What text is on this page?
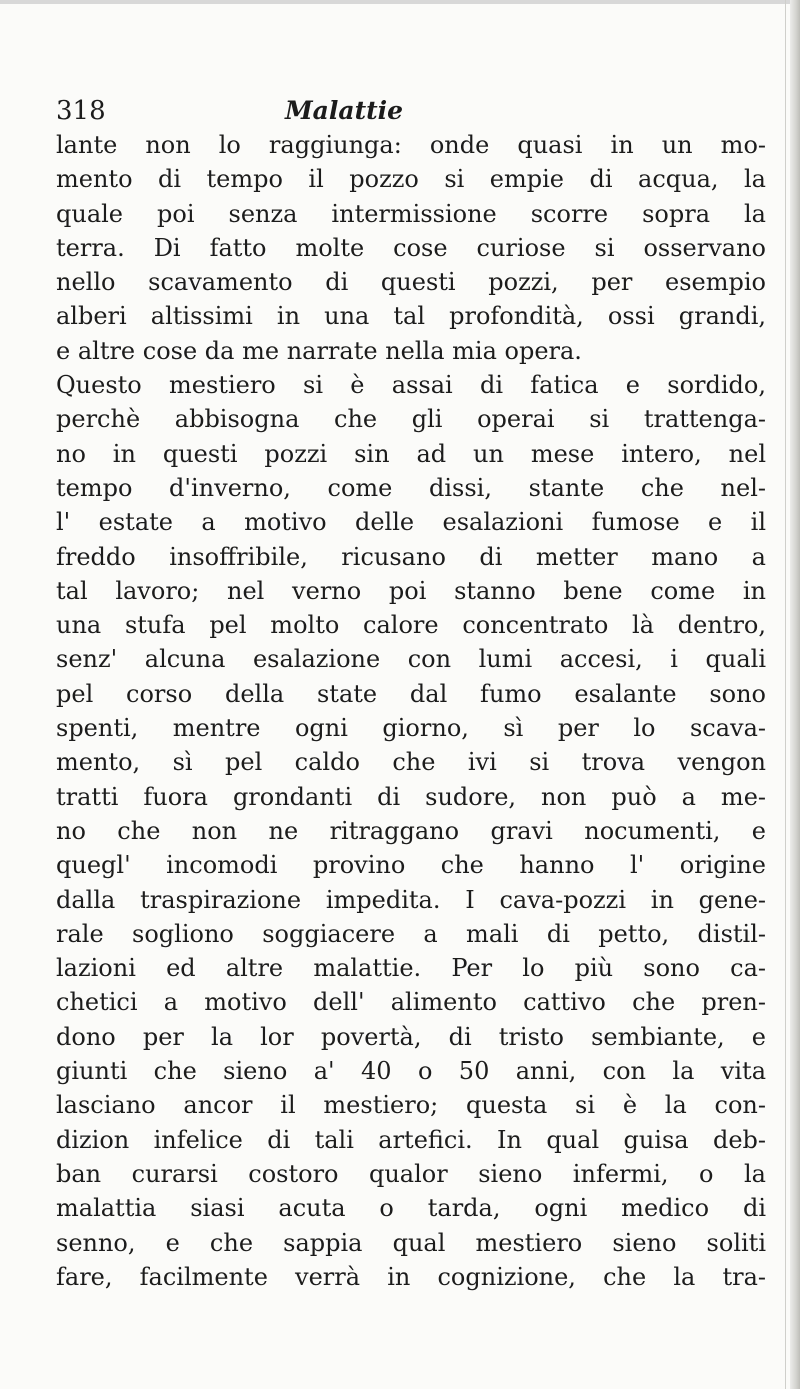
318	Malattie
lante non lo raggiunga: onde quasi in un mo-
mento di tempo il pozzo si empie di acqua, la
quale poi senza intermissione scorre sopra la
terra. Di fatto molte cose curiose si osservano
nello scavamento di questi pozzi, per esempio
alberi altissimi in una tal profondità, ossi grandi,
e altre cose da me narrate nella mia opera.
Questo mestiero si è assai di fatica e sordido,
perchè abbisogna che gli operai si trattenga-
no in questi pozzi sin ad un mese intero, nel
tempo d'inverno, come dissi, stante che nel-
l' estate a motivo delle esalazioni fumose e il
freddo insoffribile, ricusano di metter mano a
tal lavoro; nel verno poi stanno bene come in
una stufa pel molto calore concentrato là dentro,
senz' alcuna esalazione con lumi accesi, i quali
pel corso della state dal fumo esalante sono
spenti, mentre ogni giorno, sì per lo scava-
mento, sì pel caldo che ivi si trova vengon
tratti fuora grondanti di sudore, non può a me-
no che non ne ritraggano gravi nocumenti, e
quegl' incomodi provino che hanno l' origine
dalla traspirazione impedita. I cava-pozzi in gene-
rale sogliono soggiacere a mali di petto, distil-
lazioni ed altre malattie. Per lo più sono ca-
chetici a motivo dell' alimento cattivo che pren-
dono per la lor povertà, di tristo sembiante, e
giunti che sieno a' 40 o 50 anni, con la vita
lasciano ancor il mestiero; questa si è la con-
dizion infelice di tali artefici. In qual guisa deb-
ban curarsi costoro qualor sieno infermi, o la
malattia siasi acuta o tarda, ogni medico di
senno, e che sappia qual mestiero sieno soliti
fare, facilmente verrà in cognizione, che la tra-
